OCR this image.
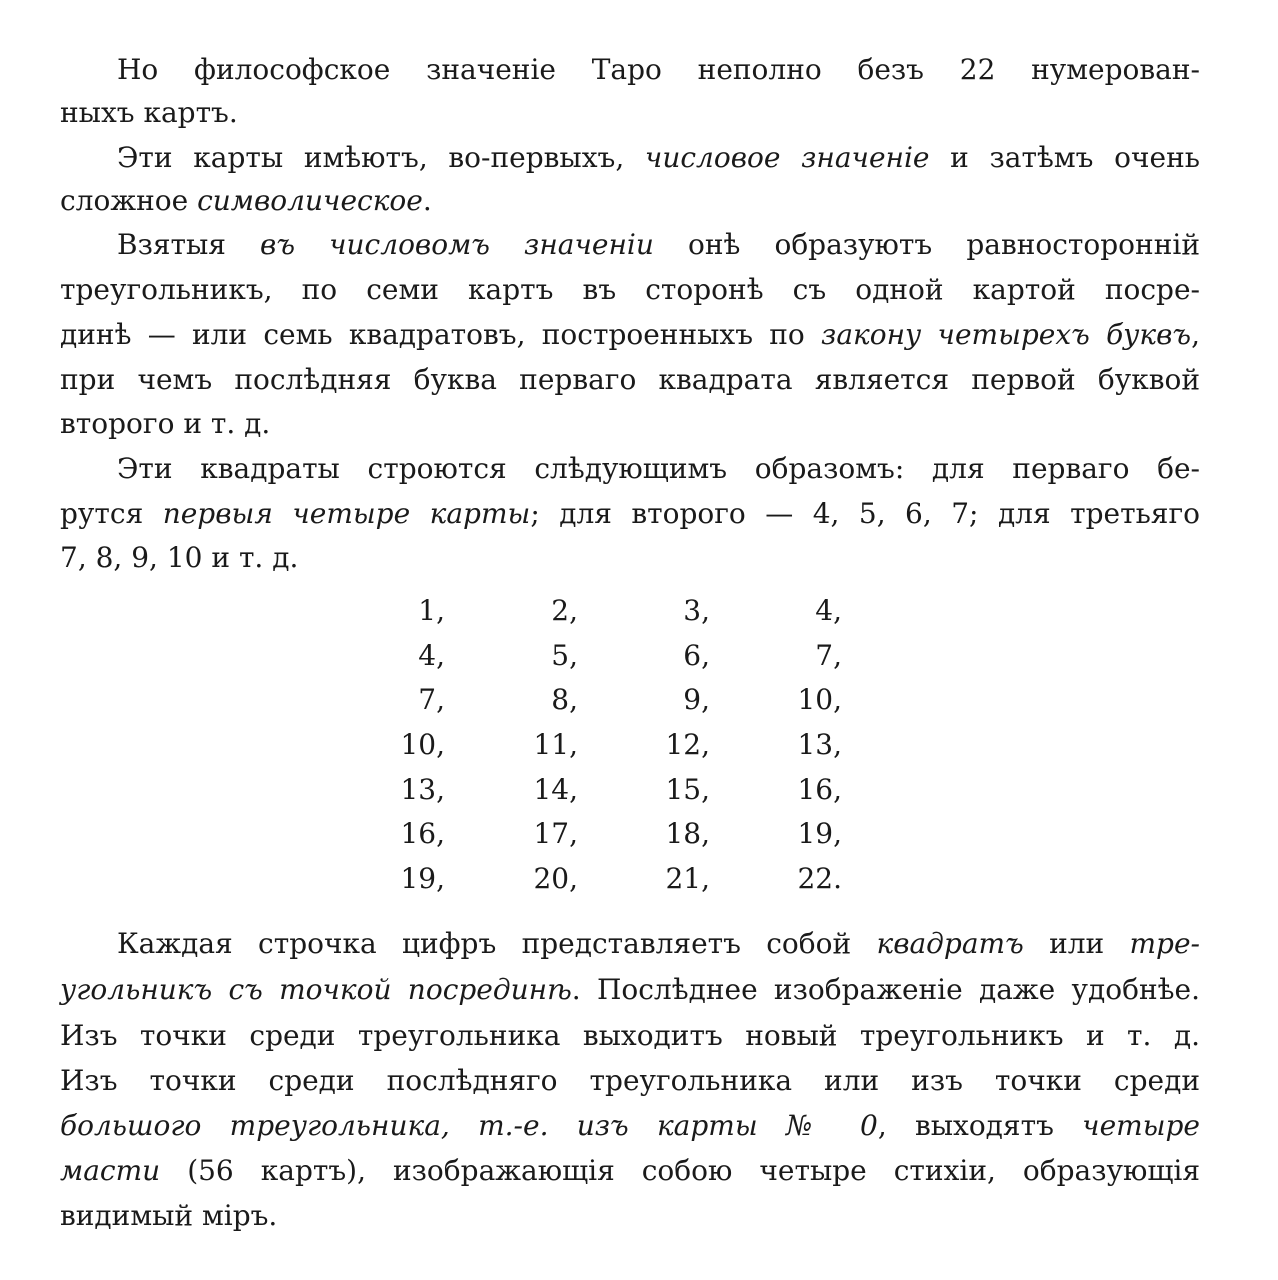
Но философское значеніе Таро неполно безъ 22 нумерован-
ныхъ картъ.
Эти карты имѣютъ, во-первыхъ, числовое значеніе и затѣмъ очень
сложное символическое.
Взятыя въ числовомъ значеніи онѣ образуютъ равносторонній
треугольникъ, по семи картъ въ сторонѣ съ одной картой посре-
динѣ — или семь квадратовъ, построенныхъ по закону четырехъ буквъ,
при чемъ послѣдняя буква перваго квадрата является первой буквой
второго и т. д.
Эти квадраты строются слѣдующимъ образомъ: для перваго бе-
рутся первыя четыре карты; для второго — 4, 5, 6, 7; для третьяго
7, 8, 9, 10 и т. д.
1,	2,	3,	4,
4,	5,	6,	7,
7,	8,	9,	10,
10,	11,	12,	13,
13,	14,	15,	16,
16,	17,	18,	19,
19,	20,	21,	22.
Каждая строчка цифръ представляетъ собой квадратъ или тре-
угольникъ съ точкой посрединѣ. Послѣднее изображеніе даже удобнѣе.
Изъ точки среди треугольника выходитъ новый треугольникъ и т. д.
Изъ точки среди послѣдняго треугольника или изъ точки среди
большого треугольника, т.-е. изъ карты № 0, выходятъ четыре
масти (56 картъ), изображающія собою четыре стихіи, образующія
видимый міръ.
